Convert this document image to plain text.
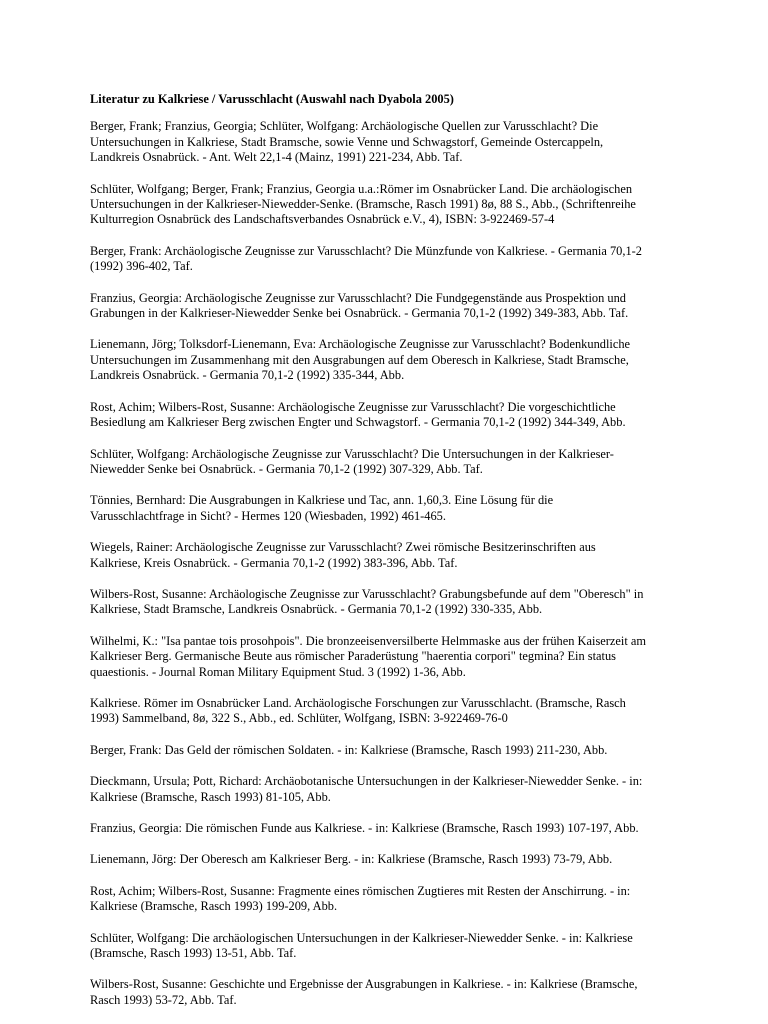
Literatur zu Kalkriese / Varusschlacht (Auswahl nach Dyabola 2005)
Berger, Frank; Franzius, Georgia; Schlüter, Wolfgang: Archäologische Quellen zur Varusschlacht? Die
Untersuchungen in Kalkriese, Stadt Bramsche, sowie Venne und Schwagstorf, Gemeinde Ostercappeln,
Landkreis Osnabrück. - Ant. Welt 22,1-4 (Mainz, 1991) 221-234, Abb. Taf.
Schlüter, Wolfgang; Berger, Frank; Franzius, Georgia u.a.:Römer im Osnabrücker Land. Die archäologischen
Untersuchungen in der Kalkrieser-Niewedder-Senke. (Bramsche, Rasch 1991) 8ø, 88 S., Abb., (Schriftenreihe
Kulturregion Osnabrück des Landschaftsverbandes Osnabrück e.V., 4), ISBN: 3-922469-57-4
Berger, Frank: Archäologische Zeugnisse zur Varusschlacht? Die Münzfunde von Kalkriese. - Germania 70,1-2
(1992) 396-402, Taf.
Franzius, Georgia: Archäologische Zeugnisse zur Varusschlacht? Die Fundgegenstände aus Prospektion und
Grabungen in der Kalkrieser-Niewedder Senke bei Osnabrück. - Germania 70,1-2 (1992) 349-383, Abb. Taf.
Lienemann, Jörg; Tolksdorf-Lienemann, Eva: Archäologische Zeugnisse zur Varusschlacht? Bodenkundliche
Untersuchungen im Zusammenhang mit den Ausgrabungen auf dem Oberesch in Kalkriese, Stadt Bramsche,
Landkreis Osnabrück. - Germania 70,1-2 (1992) 335-344, Abb.
Rost, Achim; Wilbers-Rost, Susanne: Archäologische Zeugnisse zur Varusschlacht? Die vorgeschichtliche
Besiedlung am Kalkrieser Berg zwischen Engter und Schwagstorf. - Germania 70,1-2 (1992) 344-349, Abb.
Schlüter, Wolfgang: Archäologische Zeugnisse zur Varusschlacht? Die Untersuchungen in der Kalkrieser-
Niewedder Senke bei Osnabrück. - Germania 70,1-2 (1992) 307-329, Abb. Taf.
Tönnies, Bernhard: Die Ausgrabungen in Kalkriese und Tac, ann. 1,60,3. Eine Lösung für die
Varusschlachtfrage in Sicht? - Hermes 120 (Wiesbaden, 1992) 461-465.
Wiegels, Rainer: Archäologische Zeugnisse zur Varusschlacht? Zwei römische Besitzerinschriften aus
Kalkriese, Kreis Osnabrück. - Germania 70,1-2 (1992) 383-396, Abb. Taf.
Wilbers-Rost, Susanne: Archäologische Zeugnisse zur Varusschlacht? Grabungsbefunde auf dem "Oberesch" in
Kalkriese, Stadt Bramsche, Landkreis Osnabrück. - Germania 70,1-2 (1992) 330-335, Abb.
Wilhelmi, K.: "Isa pantae tois prosohpois". Die bronzeeisenversilberte Helmmaske aus der frühen Kaiserzeit am
Kalkrieser Berg. Germanische Beute aus römischer Paraderüstung "haerentia corpori" tegmina? Ein status
quaestionis. - Journal Roman Military Equipment Stud. 3 (1992) 1-36, Abb.
Kalkriese. Römer im Osnabrücker Land. Archäologische Forschungen zur Varusschlacht. (Bramsche, Rasch
1993) Sammelband, 8ø, 322 S., Abb., ed. Schlüter, Wolfgang, ISBN: 3-922469-76-0
Berger, Frank: Das Geld der römischen Soldaten. - in: Kalkriese (Bramsche, Rasch 1993) 211-230, Abb.
Dieckmann, Ursula; Pott, Richard: Archäobotanische Untersuchungen in der Kalkrieser-Niewedder Senke. - in:
Kalkriese (Bramsche, Rasch 1993) 81-105, Abb.
Franzius, Georgia: Die römischen Funde aus Kalkriese. - in: Kalkriese (Bramsche, Rasch 1993) 107-197, Abb.
Lienemann, Jörg: Der Oberesch am Kalkrieser Berg. - in: Kalkriese (Bramsche, Rasch 1993) 73-79, Abb.
Rost, Achim; Wilbers-Rost, Susanne: Fragmente eines römischen Zugtieres mit Resten der Anschirrung. - in:
Kalkriese (Bramsche, Rasch 1993) 199-209, Abb.
Schlüter, Wolfgang: Die archäologischen Untersuchungen in der Kalkrieser-Niewedder Senke. - in: Kalkriese
(Bramsche, Rasch 1993) 13-51, Abb. Taf.
Wilbers-Rost, Susanne: Geschichte und Ergebnisse der Ausgrabungen in Kalkriese. - in: Kalkriese (Bramsche,
Rasch 1993) 53-72, Abb. Taf.
